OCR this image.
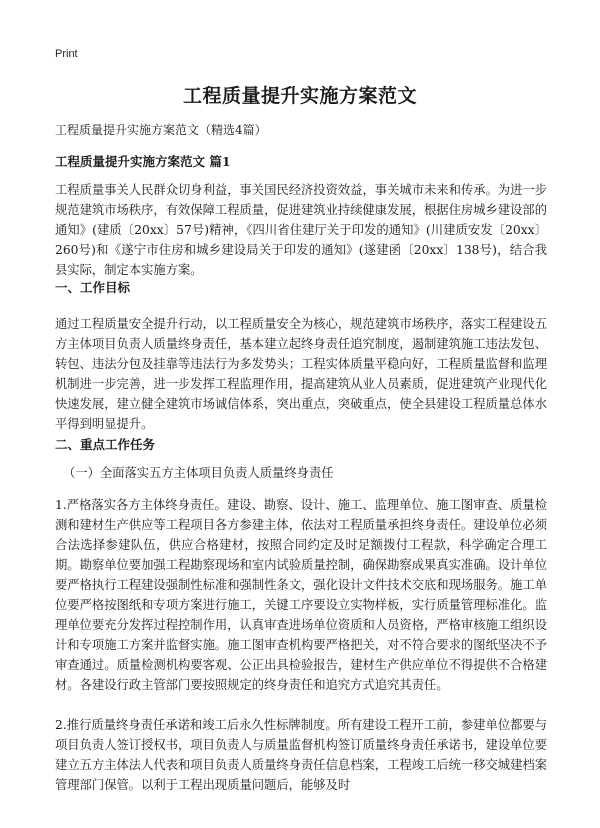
Print
工程质量提升实施方案范文
工程质量提升实施方案范文（精选4篇）
工程质量提升实施方案范文 篇1
工程质量事关人民群众切身利益，事关国民经济投资效益，事关城市未来和传承。为进一步规范建筑市场秩序，有效保障工程质量，促进建筑业持续健康发展，根据住房城乡建设部的通知》(建质〔20xx〕57号)精神，《四川省住建厅关于印发的通知》(川建质安发〔20xx〕260号)和《遂宁市住房和城乡建设局关于印发的通知》(遂建函〔20xx〕138号)，结合我县实际，制定本实施方案。
一、工作目标
通过工程质量安全提升行动，以工程质量安全为核心，规范建筑市场秩序，落实工程建设五方主体项目负责人质量终身责任，基本建立起终身责任追究制度，遏制建筑施工违法发包、转包、违法分包及挂靠等违法行为多发势头；工程实体质量平稳向好，工程质量监督和监理机制进一步完善，进一步发挥工程监理作用，提高建筑从业人员素质，促进建筑产业现代化快速发展，建立健全建筑市场诚信体系，突出重点，突破重点，使全县建设工程质量总体水平得到明显提升。
二、重点工作任务
（一）全面落实五方主体项目负责人质量终身责任
1.严格落实各方主体终身责任。建设、勘察、设计、施工、监理单位、施工图审查、质量检测和建材生产供应等工程项目各方参建主体，依法对工程质量承担终身责任。建设单位必须合法选择参建队伍，供应合格建材，按照合同约定及时足额拨付工程款，科学确定合理工期。勘察单位要加强工程勘察现场和室内试验质量控制，确保勘察成果真实准确。设计单位要严格执行工程建设强制性标准和强制性条文，强化设计文件技术交底和现场服务。施工单位要严格按图纸和专项方案进行施工，关键工序要设立实物样板，实行质量管理标准化。监理单位要充分发挥过程控制作用，认真审查进场单位资质和人员资格，严格审核施工组织设计和专项施工方案并监督实施。施工图审查机构要严格把关，对不符合要求的图纸坚决不予审查通过。质量检测机构要客观、公正出具检验报告，建材生产供应单位不得提供不合格建材。各建设行政主管部门要按照规定的终身责任和追究方式追究其责任。
2.推行质量终身责任承诺和竣工后永久性标牌制度。所有建设工程开工前，参建单位都要与项目负责人签订授权书，项目负责人与质量监督机构签订质量终身责任承诺书，建设单位要建立五方主体法人代表和项目负责人质量终身责任信息档案，工程竣工后统一移交城建档案管理部门保管。以利于工程出现质量问题后，能够及时
